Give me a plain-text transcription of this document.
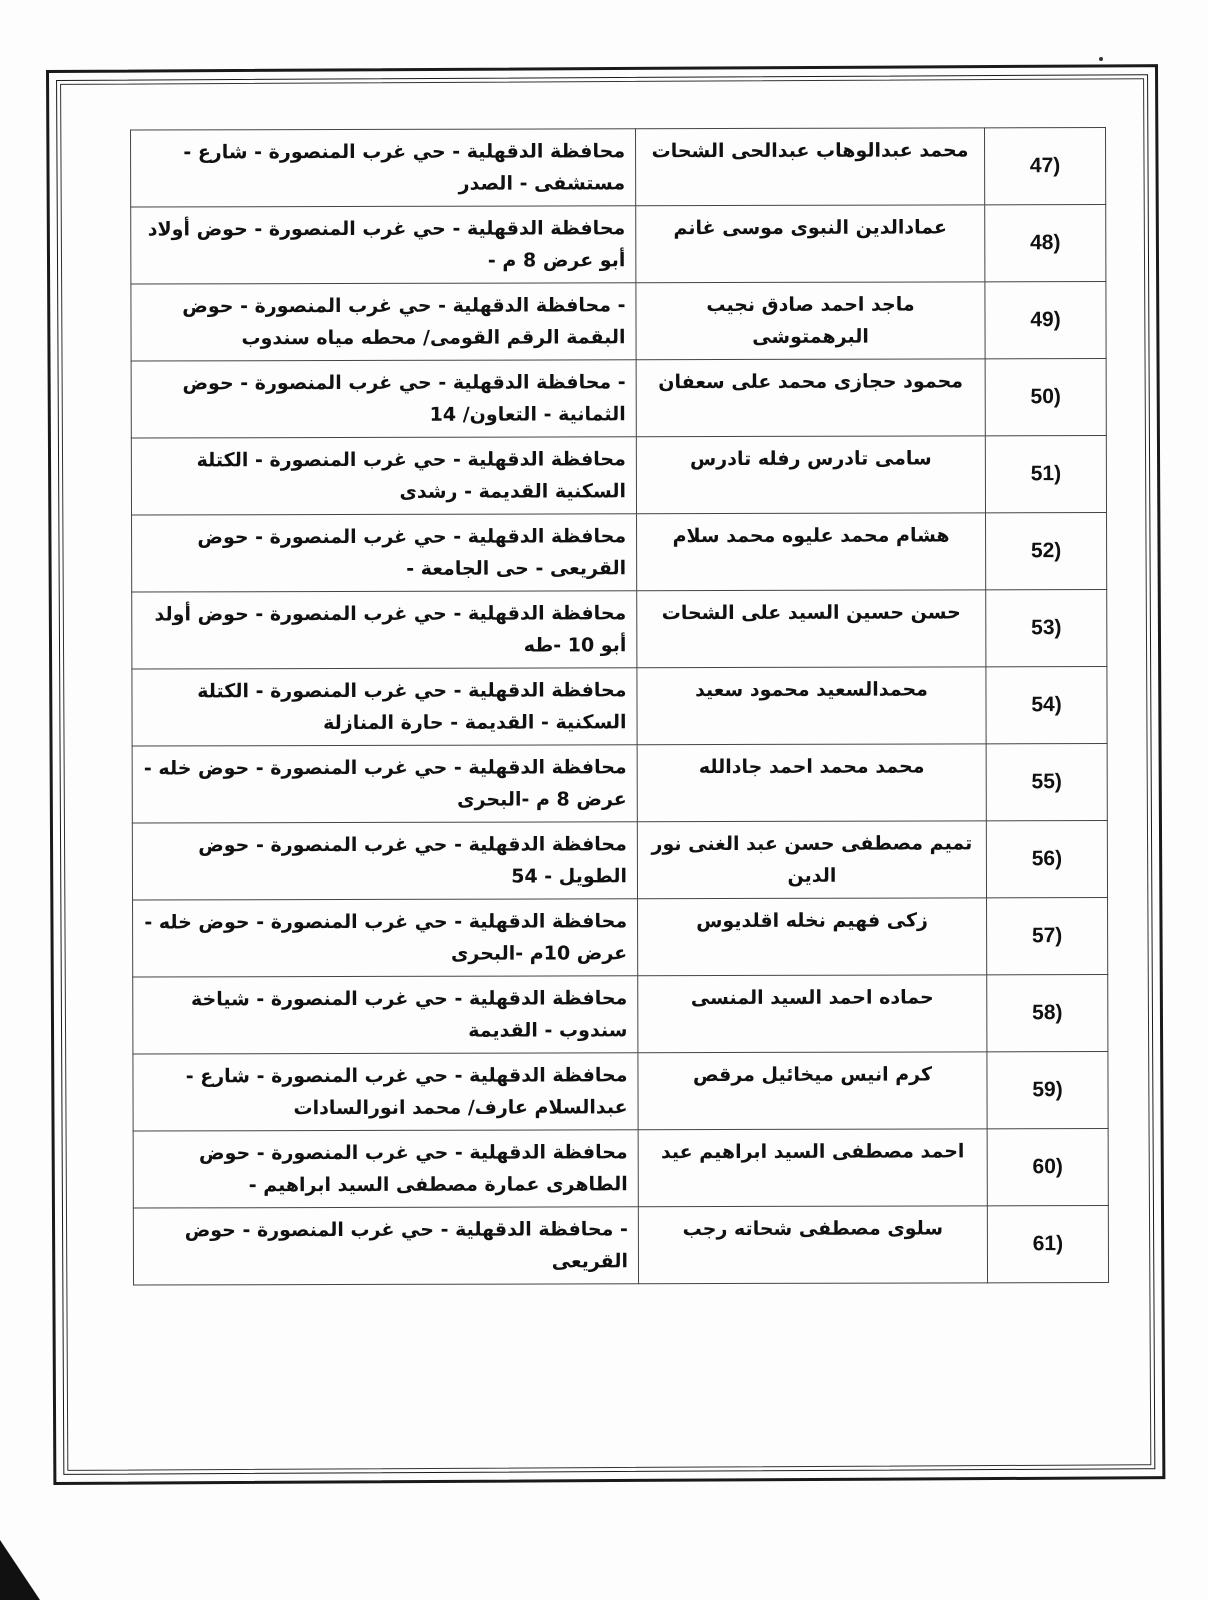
47)	محمد عبدالوهاب عبدالحى الشحات	محافظة الدقهلية - حي غرب المنصورة - شارع - مستشفى - الصدر
48)	عمادالدين النبوى موسى غانم	محافظة الدقهلية - حي غرب المنصورة - حوض أولاد أبو عرض 8 م -
49)	ماجد احمد صادق نجيب البرهمتوشى	- محافظة الدقهلية - حي غرب المنصورة - حوض البقمة الرقم القومى/ محطه مياه سندوب
50)	محمود حجازى محمد على سعفان	- محافظة الدقهلية - حي غرب المنصورة - حوض الثمانية - التعاون/ 14
51)	سامى تادرس رفله تادرس	محافظة الدقهلية - حي غرب المنصورة - الكتلة السكنية القديمة - رشدى
52)	هشام محمد عليوه محمد سلام	محافظة الدقهلية - حي غرب المنصورة - حوض القريعى - حى الجامعة -
53)	حسن حسين السيد على الشحات	محافظة الدقهلية - حي غرب المنصورة - حوض أولد أبو 10 -طه
54)	محمدالسعيد محمود سعيد	محافظة الدقهلية - حي غرب المنصورة - الكتلة السكنية - القديمة - حارة المنازلة
55)	محمد محمد احمد جادالله	محافظة الدقهلية - حي غرب المنصورة - حوض خله - عرض 8 م -البحرى
56)	تميم مصطفى حسن عبد الغنى نور الدين	محافظة الدقهلية - حي غرب المنصورة - حوض الطويل - 54
57)	زكى فهيم نخله اقلديوس	محافظة الدقهلية - حي غرب المنصورة - حوض خله - عرض 10م -البحرى
58)	حماده احمد السيد المنسى	محافظة الدقهلية - حي غرب المنصورة - شياخة سندوب - القديمة
59)	كرم انيس ميخائيل مرقص	محافظة الدقهلية - حي غرب المنصورة - شارع - عبدالسلام عارف/ محمد انورالسادات
60)	احمد مصطفى السيد ابراهيم عيد	محافظة الدقهلية - حي غرب المنصورة - حوض الطاهرى عمارة مصطفى السيد ابراهيم -
61)	سلوى مصطفى شحاته رجب	- محافظة الدقهلية - حي غرب المنصورة - حوض القريعى
